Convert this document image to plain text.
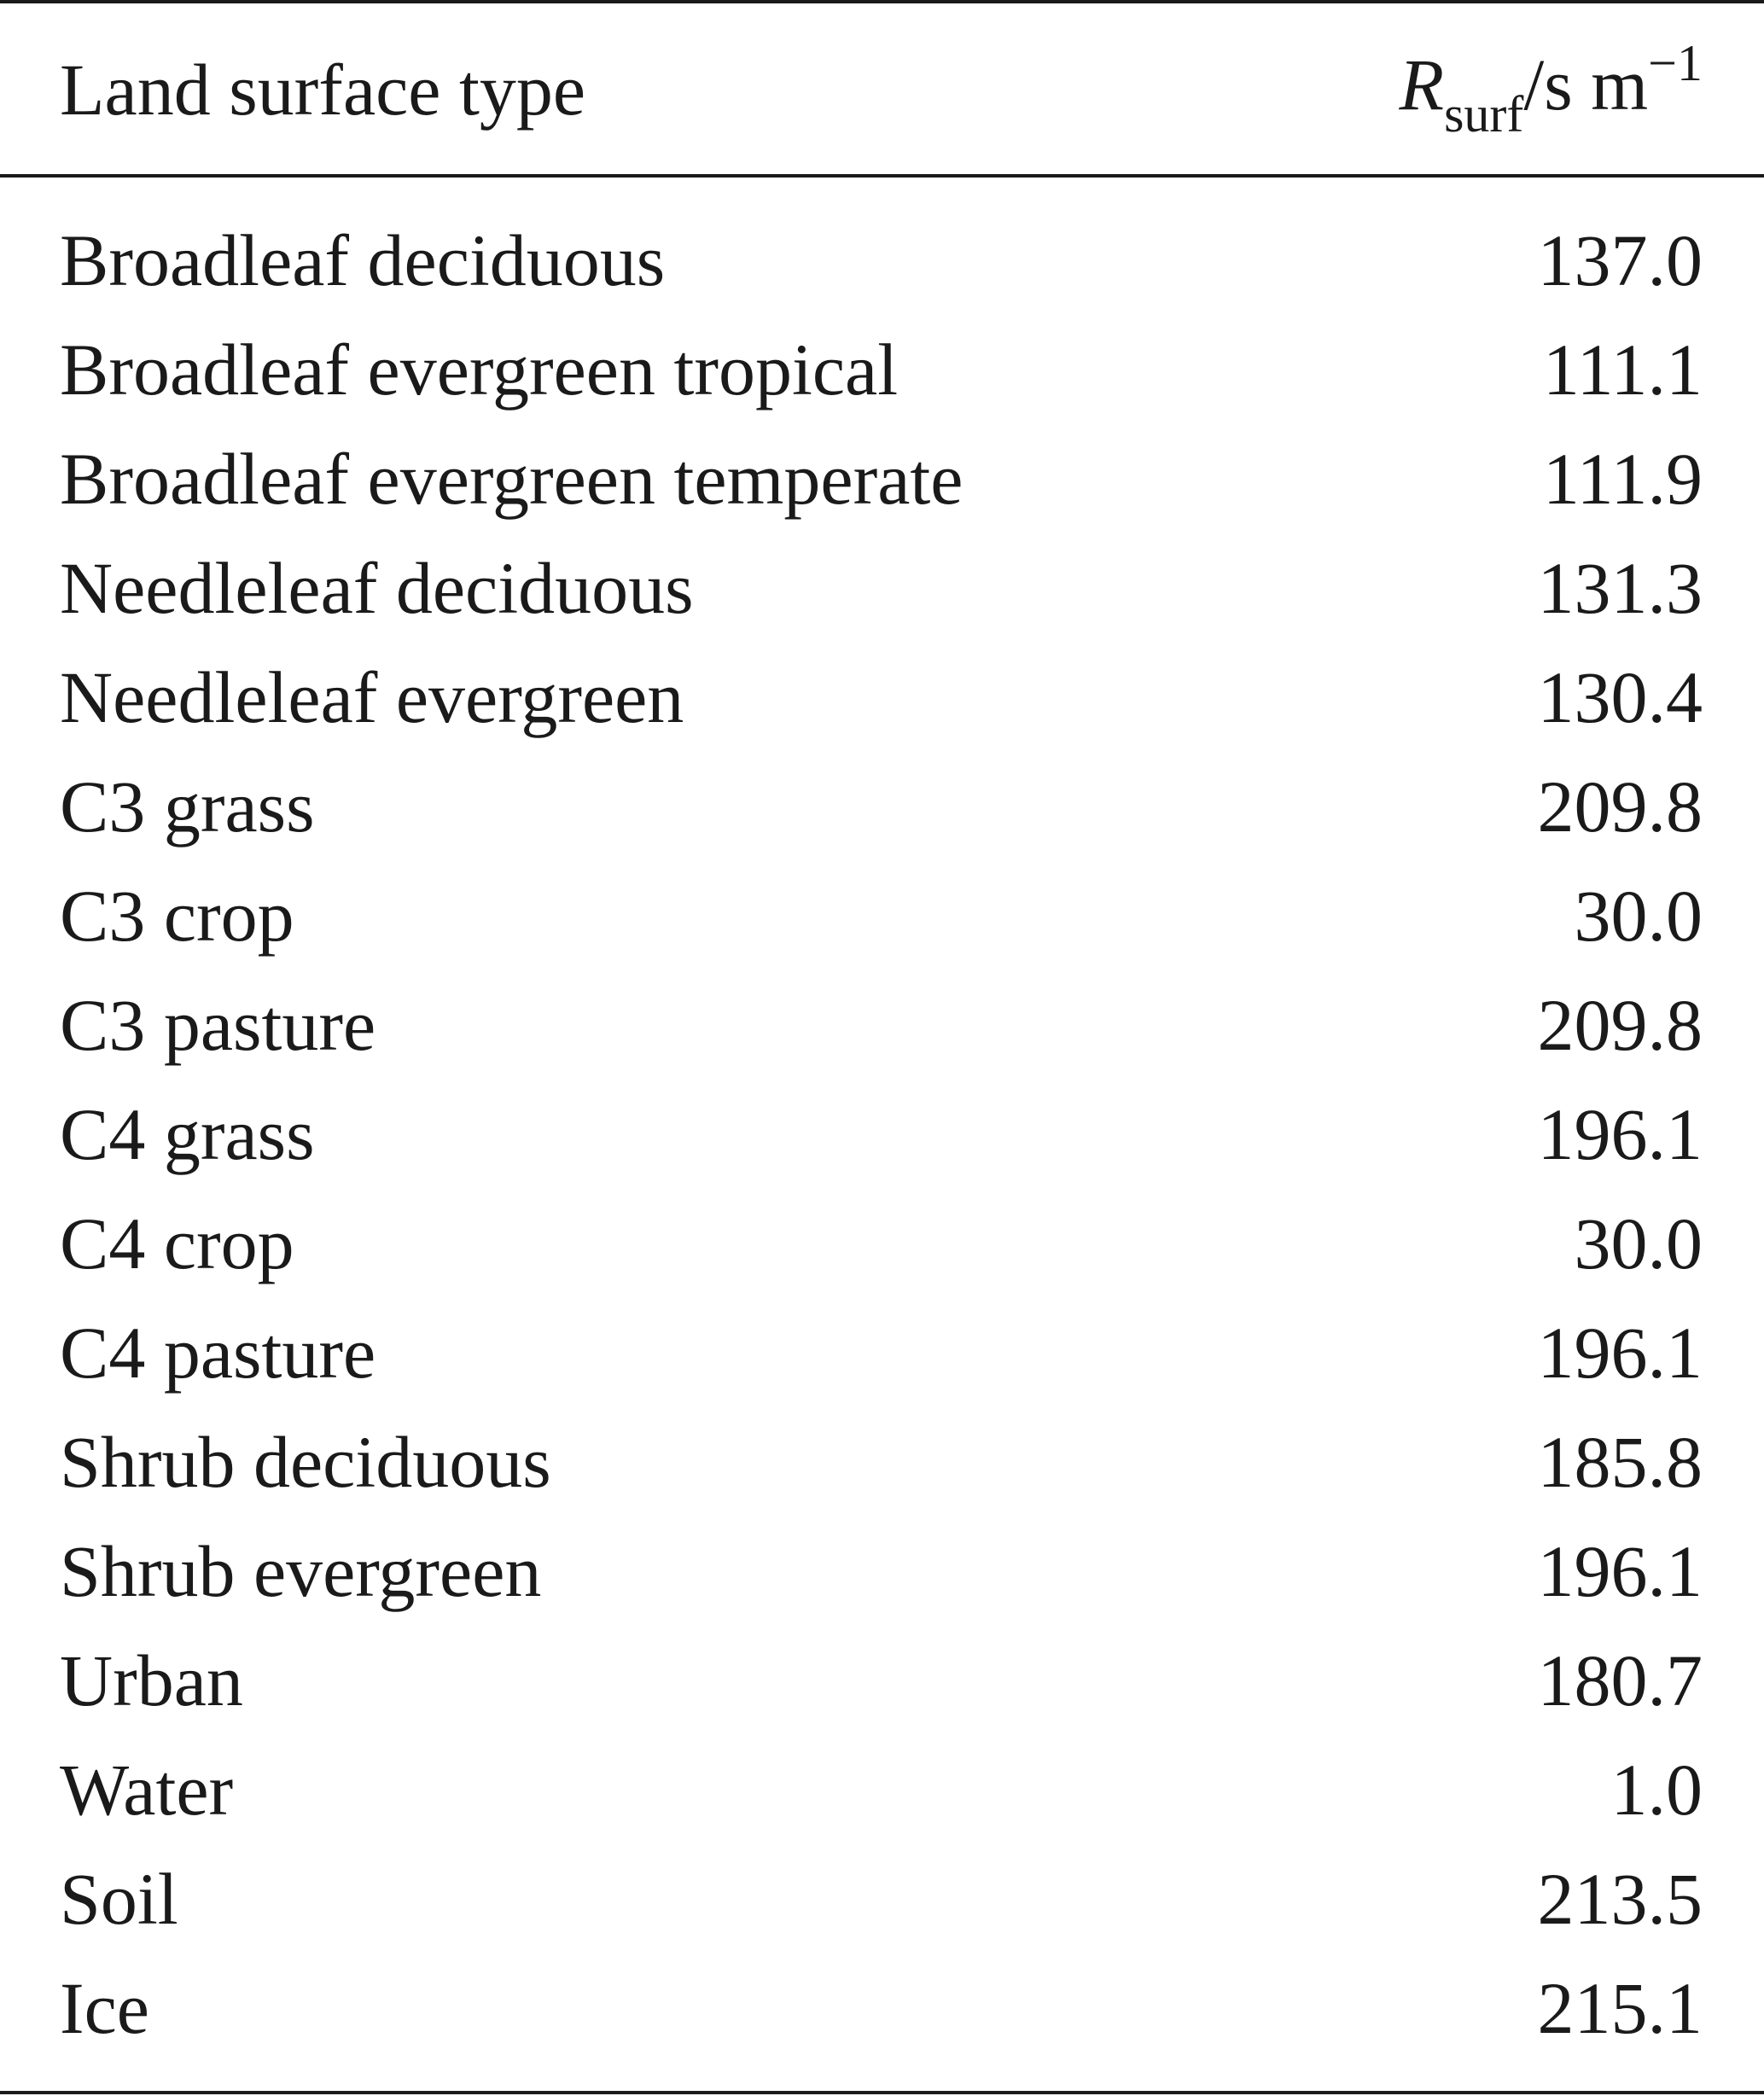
Land surface type	$R_{surf}/s$ $m^{-1}$
Broadleaf deciduous	137.0
Broadleaf evergreen tropical	111.1
Broadleaf evergreen temperate	111.9
Needleleaf deciduous	131.3
Needleleaf evergreen	130.4
C3 grass	209.8
C3 crop	30.0
C3 pasture	209.8
C4 grass	196.1
C4 crop	30.0
C4 pasture	196.1
Shrub deciduous	185.8
Shrub evergreen	196.1
Urban	180.7
Water	1.0
Soil	213.5
Ice	215.1
